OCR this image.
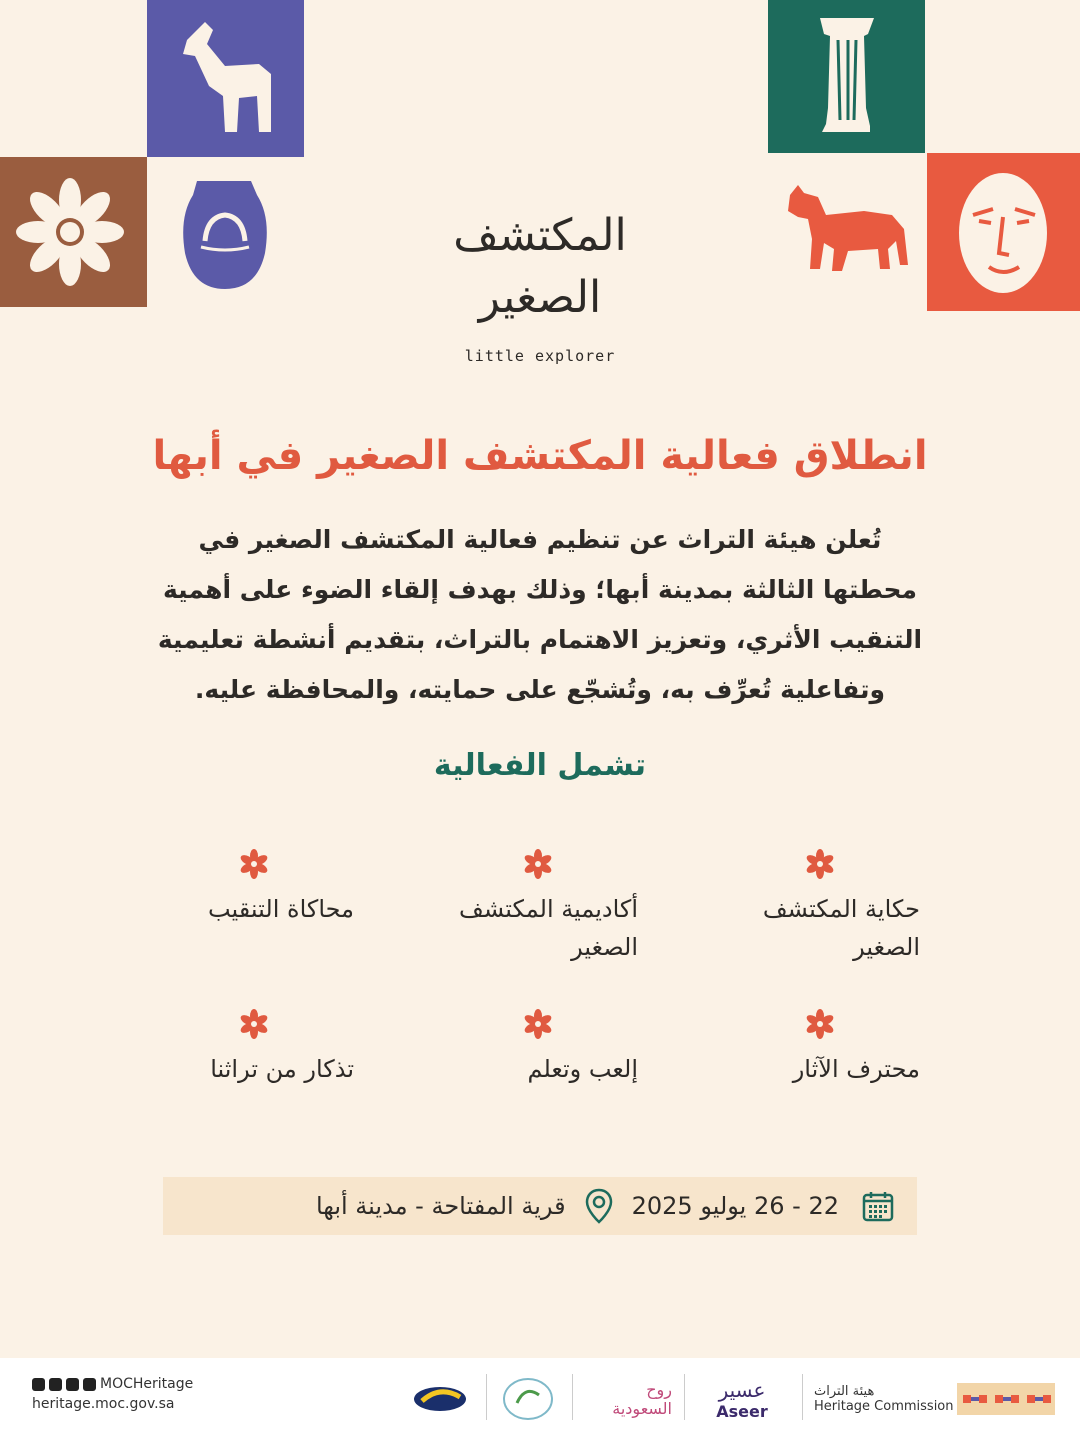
المكتشف
الصغير
little explorer
انطلاق فعالية المكتشف الصغير في أبها
تُعلن هيئة التراث عن تنظيم فعالية المكتشف الصغير في محطتها الثالثة بمدينة أبها؛ وذلك بهدف إلقاء الضوء على أهمية التنقيب الأثري، وتعزيز الاهتمام بالتراث، بتقديم أنشطة تعليمية وتفاعلية تُعرِّف به، وتُشجّع على حمايته، والمحافظة عليه.
تشمل الفعالية
حكاية المكتشف
الصغير
أكاديمية المكتشف
الصغير
محاكاة التنقيب
محترف الآثار
إلعب وتعلم
تذكار من تراثنا
22 - 26 يوليو 2025
قرية المفتاحة - مدينة أبها
MOCHeritage
heritage.moc.gov.sa
روح السعودية
عسير
Aseer
هيئة التراث
Heritage Commission
